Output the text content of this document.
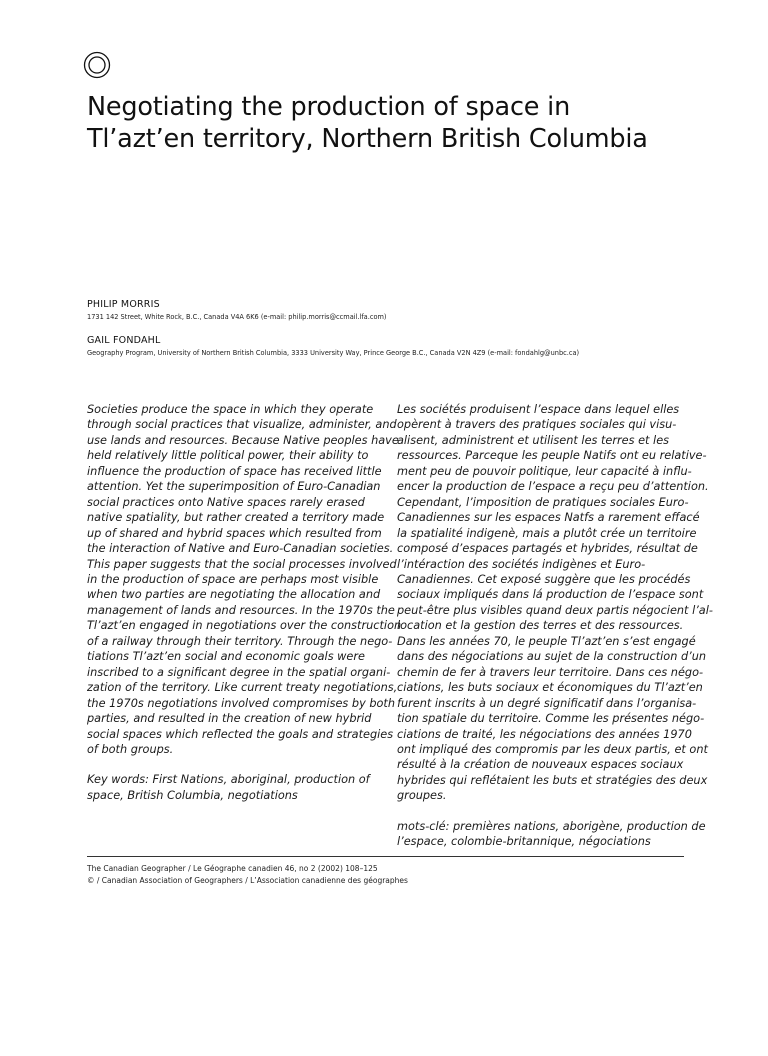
Negotiating the production of space in
Tl’azt’en territory, Northern British Columbia
PHILIP MORRIS
1731 142 Street, White Rock, B.C., Canada V4A 6K6 (e-mail: philip.morris@ccmail.lfa.com)
GAIL FONDAHL
Geography Program, University of Northern British Columbia, 3333 University Way, Prince George B.C., Canada V2N 4Z9 (e-mail: fondahlg@unbc.ca)

Societies produce the space in which they operate
through social practices that visualize, administer, and
use lands and resources. Because Native peoples have
held relatively little political power, their ability to
influence the production of space has received little
attention. Yet the superimposition of Euro-Canadian
social practices onto Native spaces rarely erased
native spatiality, but rather created a territory made
up of shared and hybrid spaces which resulted from
the interaction of Native and Euro-Canadian societies.
This paper suggests that the social processes involved
in the production of space are perhaps most visible
when two parties are negotiating the allocation and
management of lands and resources. In the 1970s the
Tl’azt’en engaged in negotiations over the construction
of a railway through their territory. Through the nego-
tiations Tl’azt’en social and economic goals were
inscribed to a significant degree in the spatial organi-
zation of the territory. Like current treaty negotiations,
the 1970s negotiations involved compromises by both
parties, and resulted in the creation of new hybrid
social spaces which reflected the goals and strategies
of both groups.

Key words: First Nations, aboriginal, production of
space, British Columbia, negotiations

Les sociétés produisent l’espace dans lequel elles
opèrent à travers des pratiques sociales qui visu-
alisent, administrent et utilisent les terres et les
ressources. Parceque les peuple Natifs ont eu relative-
ment peu de pouvoir politique, leur capacité à influ-
encer la production de l’espace a reçu peu d’attention.
Cependant, l’imposition de pratiques sociales Euro-
Canadiennes sur les espaces Natfs a rarement effacé
la spatialité indigenè, mais a plutôt crée un territoire
composé d’espaces partagés et hybrides, résultat de
l’intéraction des sociétés indigènes et Euro-
Canadiennes. Cet exposé suggère que les procédés
sociaux impliqués dans lá production de l’espace sont
peut-être plus visibles quand deux partis négocient l’al-
location et la gestion des terres et des ressources.
Dans les années 70, le peuple Tl’azt’en s’est engagé
dans des négociations au sujet de la construction d’un
chemin de fer à travers leur territoire. Dans ces négo-
ciations, les buts sociaux et économiques du Tl’azt’en
furent inscrits à un degré significatif dans l’organisa-
tion spatiale du territoire. Comme les présentes négo-
ciations de traité, les négociations des années 1970
ont impliqué des compromis par les deux partis, et ont
résulté à la création de nouveaux espaces sociaux
hybrides qui reflétaient les buts et stratégies des deux
groupes.

mots-clé: premières nations, aborigène, production de
l’espace, colombie-britannique, négociations

The Canadian Geographer / Le Géographe canadien 46, no 2 (2002) 108–125
© / Canadian Association of Geographers / L’Association canadienne des géographes
